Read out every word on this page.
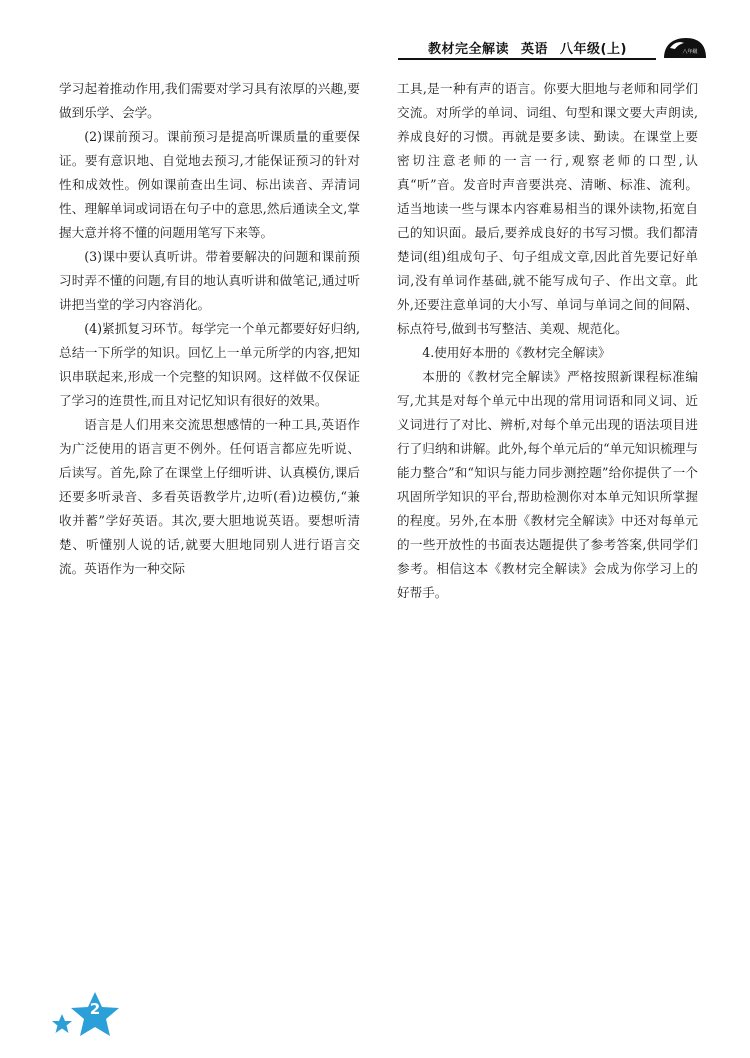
教材完全解读 英语 八年级(上)	八年级

学习起着推动作用,我们需要对学习具有浓厚的兴趣,要做到乐学、会学。

(2)课前预习。课前预习是提高听课质量的重要保证。要有意识地、自觉地去预习,才能保证预习的针对性和成效性。例如课前查出生词、标出读音、弄清词性、理解单词或词语在句子中的意思,然后通读全文,掌握大意并将不懂的问题用笔写下来等。

(3)课中要认真听讲。带着要解决的问题和课前预习时弄不懂的问题,有目的地认真听讲和做笔记,通过听讲把当堂的学习内容消化。

(4)紧抓复习环节。每学完一个单元都要好好归纳,总结一下所学的知识。回忆上一单元所学的内容,把知识串联起来,形成一个完整的知识网。这样做不仅保证了学习的连贯性,而且对记忆知识有很好的效果。

语言是人们用来交流思想感情的一种工具,英语作为广泛使用的语言更不例外。任何语言都应先听说、后读写。首先,除了在课堂上仔细听讲、认真模仿,课后还要多听录音、多看英语教学片,边听(看)边模仿,“兼收并蓄”学好英语。其次,要大胆地说英语。要想听清楚、听懂别人说的话,就要大胆地同别人进行语言交流。英语作为一种交际

工具,是一种有声的语言。你要大胆地与老师和同学们交流。对所学的单词、词组、句型和课文要大声朗读,养成良好的习惯。再就是要多读、勤读。在课堂上要密切注意老师的一言一行,观察老师的口型,认真“听”音。发音时声音要洪亮、清晰、标准、流利。适当地读一些与课本内容难易相当的课外读物,拓宽自己的知识面。最后,要养成良好的书写习惯。我们都清楚词(组)组成句子、句子组成文章,因此首先要记好单词,没有单词作基础,就不能写成句子、作出文章。此外,还要注意单词的大小写、单词与单词之间的间隔、标点符号,做到书写整洁、美观、规范化。

4.使用好本册的《教材完全解读》

本册的《教材完全解读》严格按照新课程标准编写,尤其是对每个单元中出现的常用词语和同义词、近义词进行了对比、辨析,对每个单元出现的语法项目进行了归纳和讲解。此外,每个单元后的“单元知识梳理与能力整合”和“知识与能力同步测控题”给你提供了一个巩固所学知识的平台,帮助检测你对本单元知识所掌握的程度。另外,在本册《教材完全解读》中还对每单元的一些开放性的书面表达题提供了参考答案,供同学们参考。相信这本《教材完全解读》会成为你学习上的好帮手。

2
